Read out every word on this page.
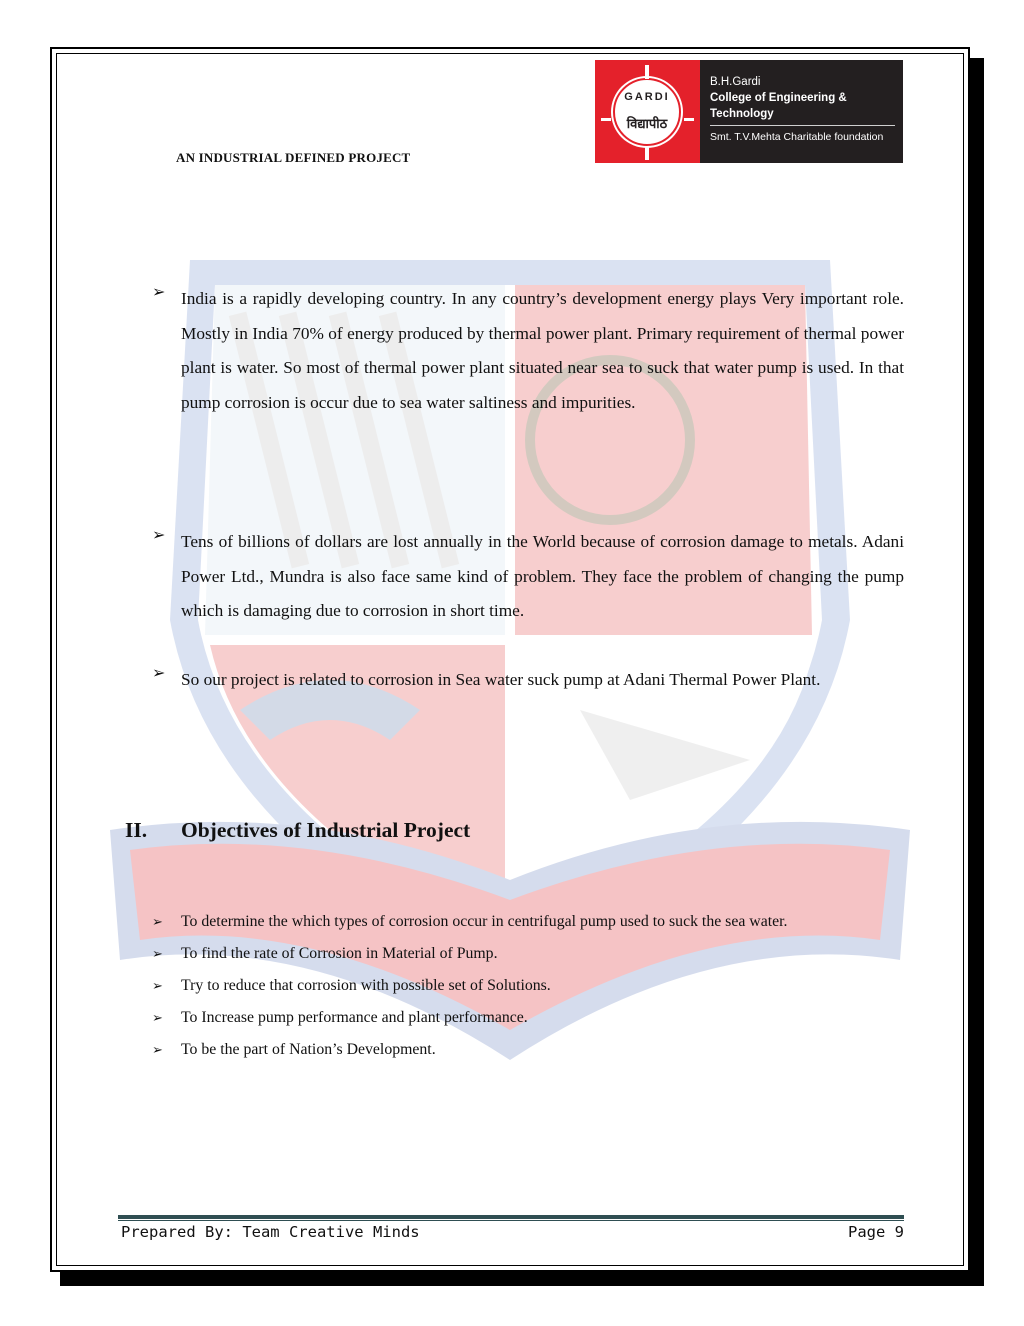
AN INDUSTRIAL DEFINED PROJECT
GARDI
विद्यापीठ
B.H.Gardi
College of Engineering & Technology
Smt. T.V.Mehta Charitable foundation
➢ India is a rapidly developing country. In any country’s development energy plays Very important role. Mostly in India 70% of energy produced by thermal power plant. Primary requirement of thermal power plant is water. So most of thermal power plant situated near sea to suck that water pump is used. In that pump corrosion is occur due to sea water saltiness and impurities.
➢ Tens of billions of dollars are lost annually in the World because of corrosion damage to metals. Adani Power Ltd., Mundra is also face same kind of problem. They face the problem of changing the pump which is damaging due to corrosion in short time.
➢ So our project is related to corrosion in Sea water suck pump at Adani Thermal Power Plant.
II. Objectives of Industrial Project
➢ To determine the which types of corrosion occur in centrifugal pump used to suck the sea water.
➢ To find the rate of Corrosion in Material of Pump.
➢ Try to reduce that corrosion with possible set of Solutions.
➢ To Increase pump performance and plant performance.
➢ To be the part of Nation’s Development.
Prepared By: Team Creative Minds	Page 9
